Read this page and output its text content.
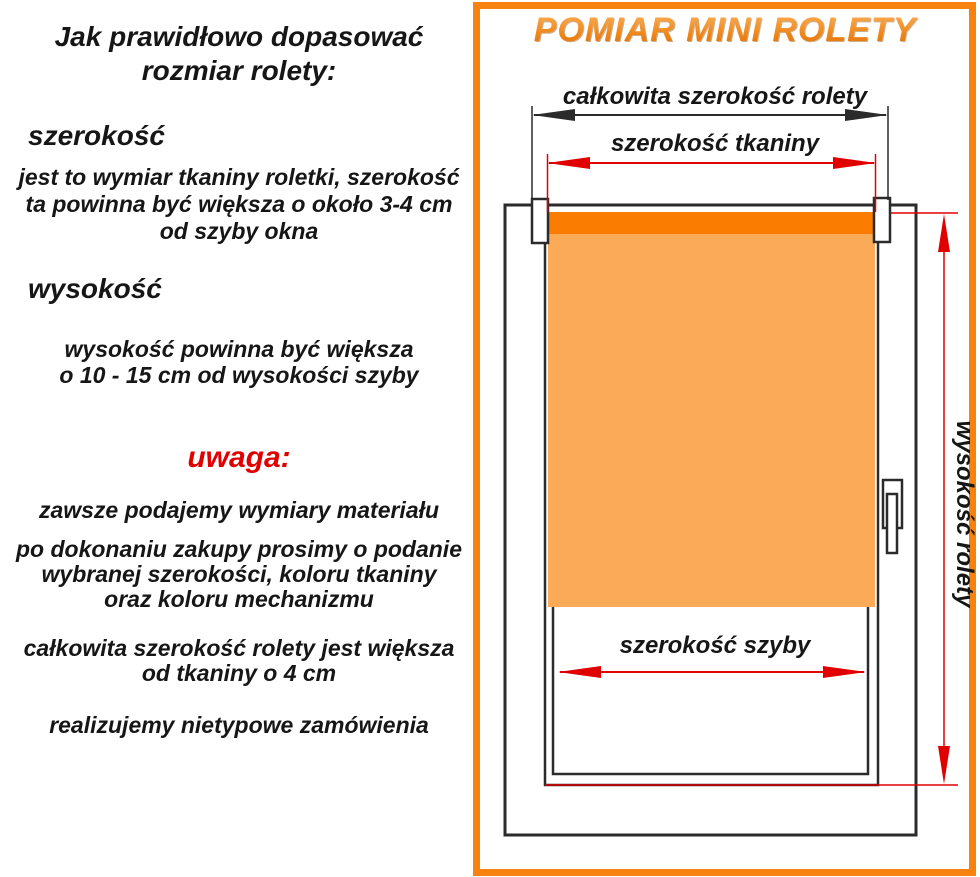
Jak prawidłowo dopasować
rozmiar rolety:
szerokość
jest to wymiar tkaniny roletki, szerokość
ta powinna być większa o około 3-4 cm
od szyby okna
wysokość
wysokość powinna być większa
o 10 - 15 cm od wysokości szyby
uwaga:
zawsze podajemy wymiary materiału
po dokonaniu zakupy prosimy o podanie
wybranej szerokości, koloru tkaniny
oraz koloru mechanizmu
całkowita szerokość rolety jest większa
od tkaniny o 4 cm
realizujemy nietypowe zamówienia
POMIAR MINI ROLETY
całkowita szerokość rolety
szerokość tkaniny
szerokość szyby
wysokość rolety
